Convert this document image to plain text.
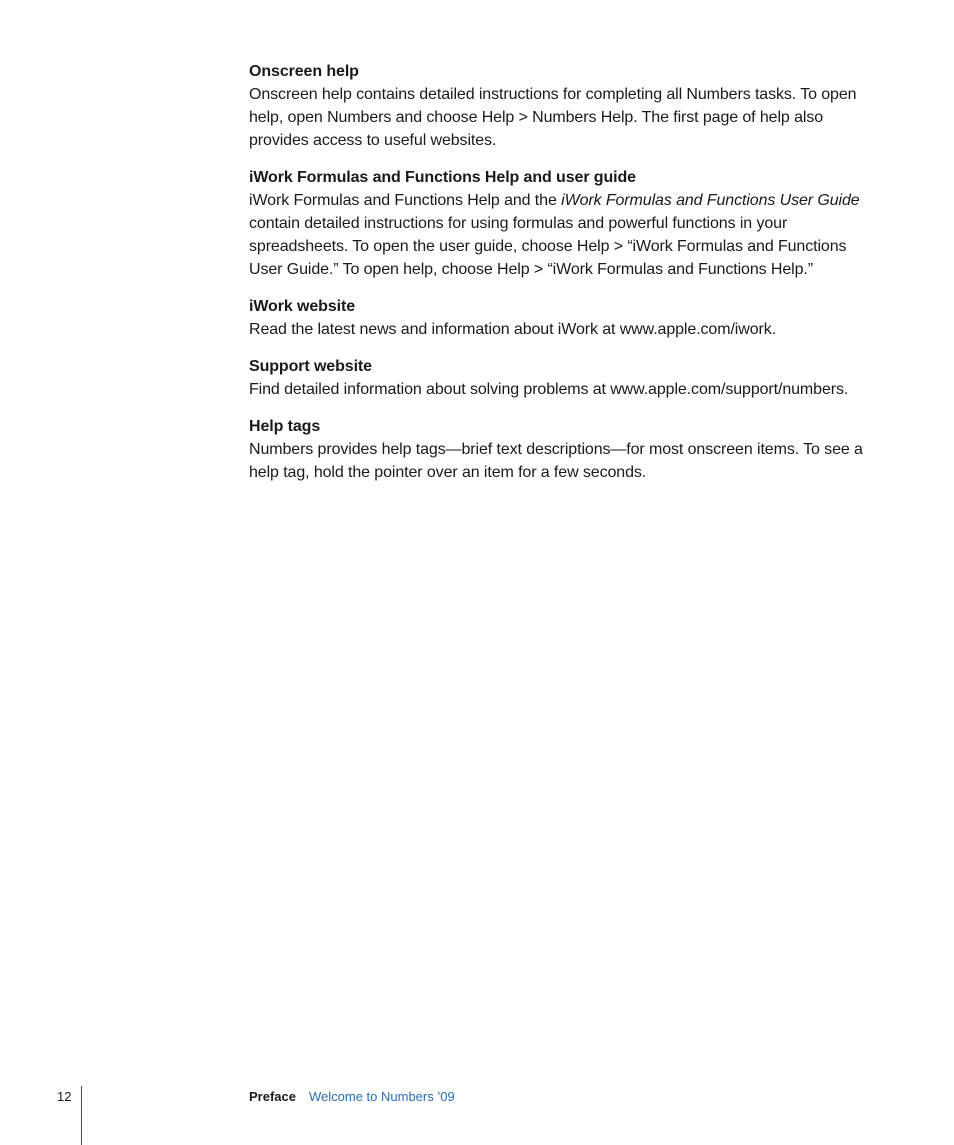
Onscreen help

Onscreen help contains detailed instructions for completing all Numbers tasks. To open help, open Numbers and choose Help > Numbers Help. The first page of help also provides access to useful websites.

iWork Formulas and Functions Help and user guide

iWork Formulas and Functions Help and the iWork Formulas and Functions User Guide contain detailed instructions for using formulas and powerful functions in your spreadsheets. To open the user guide, choose Help > “iWork Formulas and Functions User Guide.” To open help, choose Help > “iWork Formulas and Functions Help.”

iWork website

Read the latest news and information about iWork at www.apple.com/iwork.

Support website

Find detailed information about solving problems at www.apple.com/support/numbers.

Help tags

Numbers provides help tags—brief text descriptions—for most onscreen items. To see a help tag, hold the pointer over an item for a few seconds.

12	Preface Welcome to Numbers ’09
